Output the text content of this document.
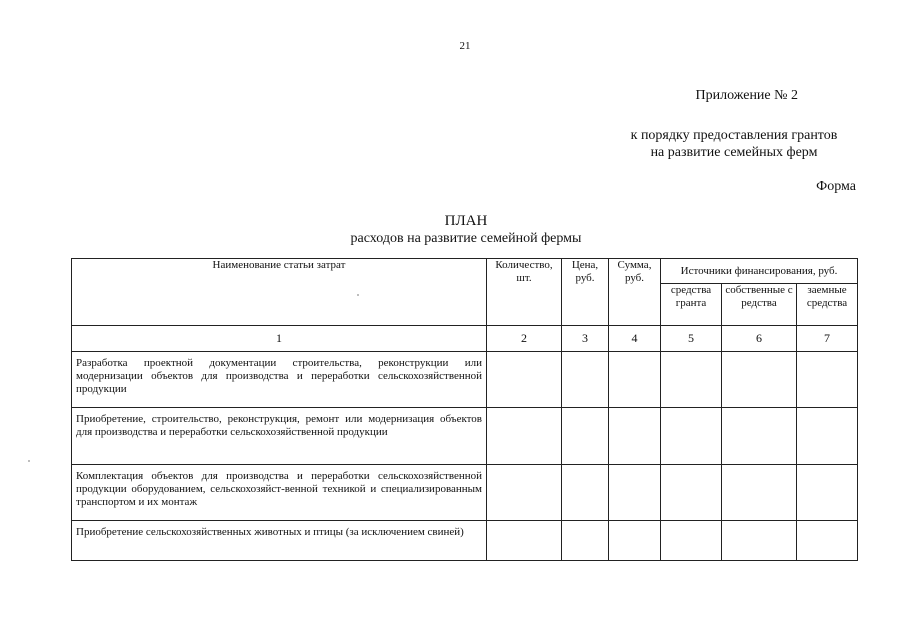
21
Приложение № 2
к порядку предоставления грантов
на развитие семейных ферм
Форма
ПЛАН
расходов на развитие семейной фермы
Наименование статьи затрат	Количество, шт.	Цена, руб.	Сумма, руб.	Источники финансирования, руб.		
				средства гранта	собственные средства	заемные средства
1	2	3	4	5	6	7
Разработка проектной документации строительства, реконструкции или модернизации объектов для производства и переработки сельскохозяйственной продукции						
Приобретение, строительство, реконструкция, ремонт или модернизация объектов для производства и переработки сельскохозяйственной продукции						
Комплектация объектов для производства и переработки сельскохозяйственной продукции оборудованием, сельскохозяйст-венной техникой и специализированным транспортом и их монтаж						
Приобретение сельскохозяйственных животных и птицы (за исключением свиней)						
